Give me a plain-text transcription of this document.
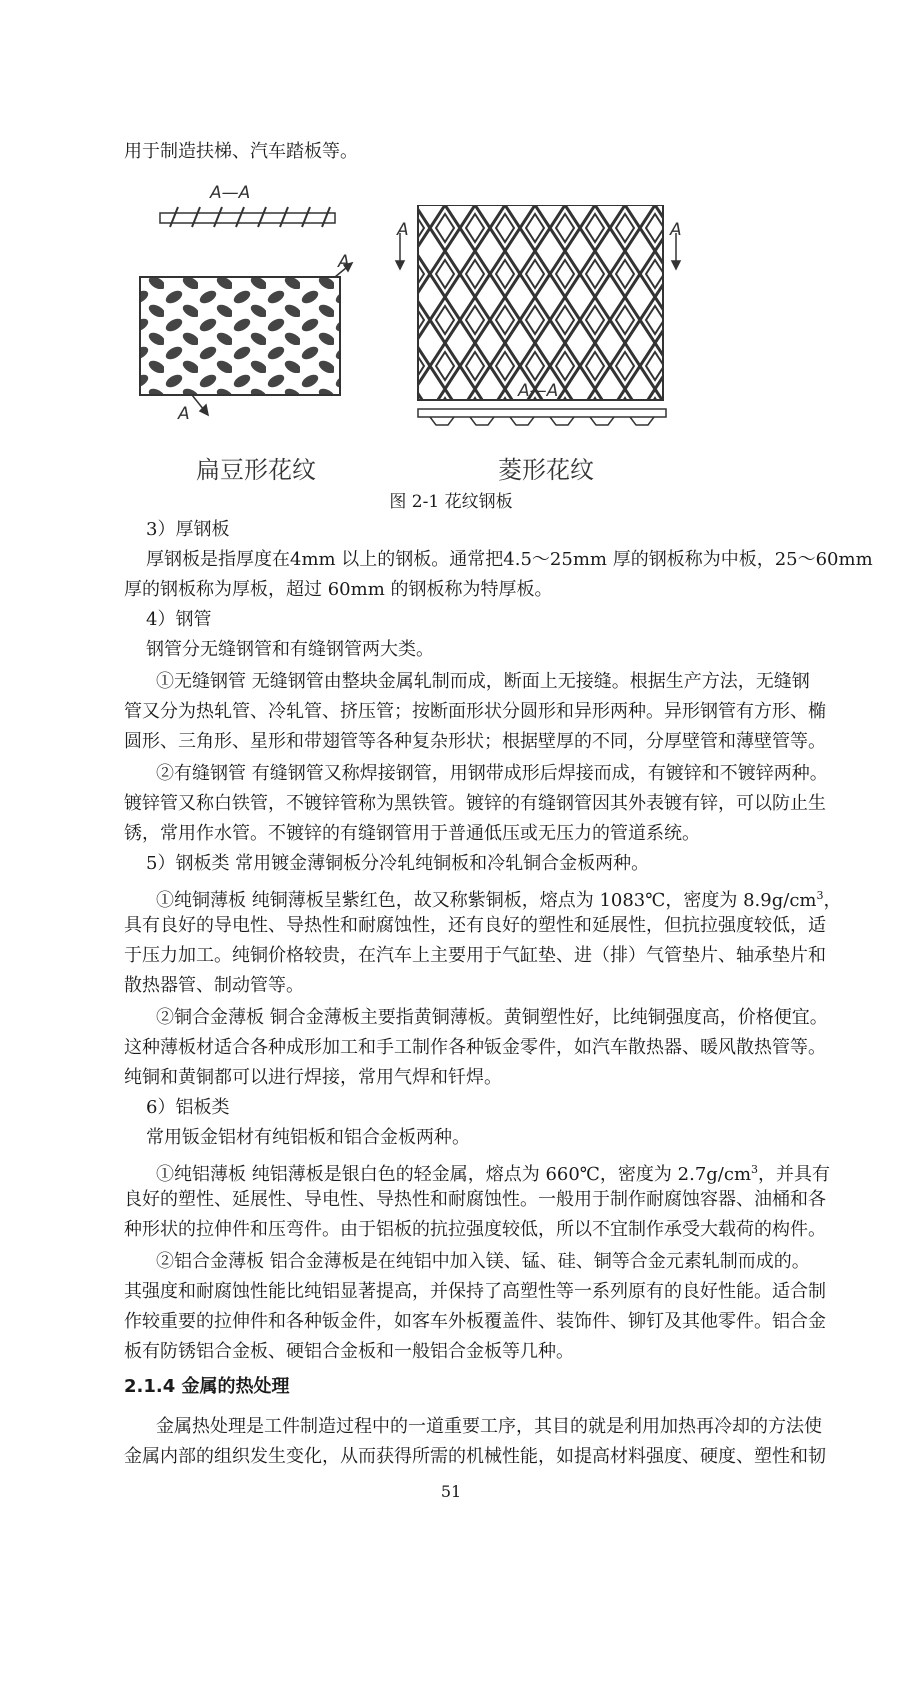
用于制造扶梯、汽车踏板等。
A—A
A—A
A
A
A	A
扁豆形花纹	菱形花纹
图 2-1 花纹钢板
3）厚钢板
厚钢板是指厚度在4mm 以上的钢板。通常把4.5～25mm 厚的钢板称为中板，25～60mm
厚的钢板称为厚板，超过 60mm 的钢板称为特厚板。
4）钢管
钢管分无缝钢管和有缝钢管两大类。
①无缝钢管 无缝钢管由整块金属轧制而成，断面上无接缝。根据生产方法，无缝钢
管又分为热轧管、冷轧管、挤压管；按断面形状分圆形和异形两种。异形钢管有方形、椭
圆形、三角形、星形和带翅管等各种复杂形状；根据壁厚的不同，分厚壁管和薄壁管等。
②有缝钢管 有缝钢管又称焊接钢管，用钢带成形后焊接而成，有镀锌和不镀锌两种。
镀锌管又称白铁管，不镀锌管称为黑铁管。镀锌的有缝钢管因其外表镀有锌，可以防止生
锈，常用作水管。不镀锌的有缝钢管用于普通低压或无压力的管道系统。
5）钢板类 常用镀金薄铜板分冷轧纯铜板和冷轧铜合金板两种。
①纯铜薄板 纯铜薄板呈紫红色，故又称紫铜板，熔点为 1083℃，密度为 $8.9g/cm^3$，
具有良好的导电性、导热性和耐腐蚀性，还有良好的塑性和延展性，但抗拉强度较低，适
于压力加工。纯铜价格较贵，在汽车上主要用于气缸垫、进（排）气管垫片、轴承垫片和
散热器管、制动管等。
②铜合金薄板 铜合金薄板主要指黄铜薄板。黄铜塑性好，比纯铜强度高，价格便宜。
这种薄板材适合各种成形加工和手工制作各种钣金零件，如汽车散热器、暖风散热管等。
纯铜和黄铜都可以进行焊接，常用气焊和钎焊。
6）铝板类
常用钣金铝材有纯铝板和铝合金板两种。
①纯铝薄板 纯铝薄板是银白色的轻金属，熔点为 660℃，密度为 $2.7g/cm^3$，并具有
良好的塑性、延展性、导电性、导热性和耐腐蚀性。一般用于制作耐腐蚀容器、油桶和各
种形状的拉伸件和压弯件。由于铝板的抗拉强度较低，所以不宜制作承受大载荷的构件。
②铝合金薄板 铝合金薄板是在纯铝中加入镁、锰、硅、铜等合金元素轧制而成的。
其强度和耐腐蚀性能比纯铝显著提高，并保持了高塑性等一系列原有的良好性能。适合制
作较重要的拉伸件和各种钣金件，如客车外板覆盖件、装饰件、铆钉及其他零件。铝合金
板有防锈铝合金板、硬铝合金板和一般铝合金板等几种。
2.1.4 金属的热处理
金属热处理是工件制造过程中的一道重要工序，其目的就是利用加热再冷却的方法使
金属内部的组织发生变化，从而获得所需的机械性能，如提高材料强度、硬度、塑性和韧
51
